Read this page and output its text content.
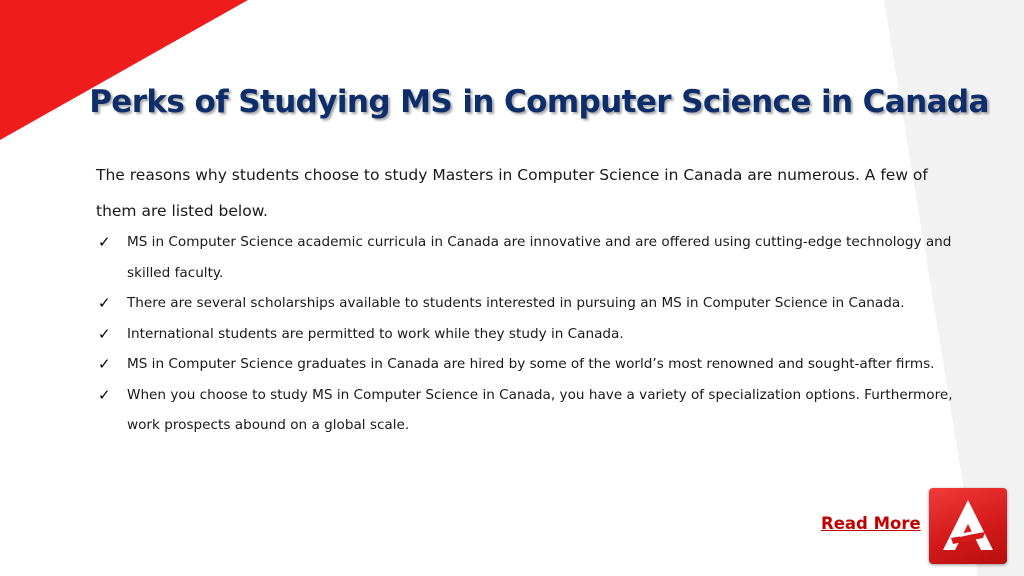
Perks of Studying MS in Computer Science in Canada

The reasons why students choose to study Masters in Computer Science in Canada are numerous. A few of them are listed below.

✓ MS in Computer Science academic curricula in Canada are innovative and are offered using cutting-edge technology and skilled faculty.
✓ There are several scholarships available to students interested in pursuing an MS in Computer Science in Canada.
✓ International students are permitted to work while they study in Canada.
✓ MS in Computer Science graduates in Canada are hired by some of the world’s most renowned and sought-after firms.
✓ When you choose to study MS in Computer Science in Canada, you have a variety of specialization options. Furthermore, work prospects abound on a global scale.
Read More
